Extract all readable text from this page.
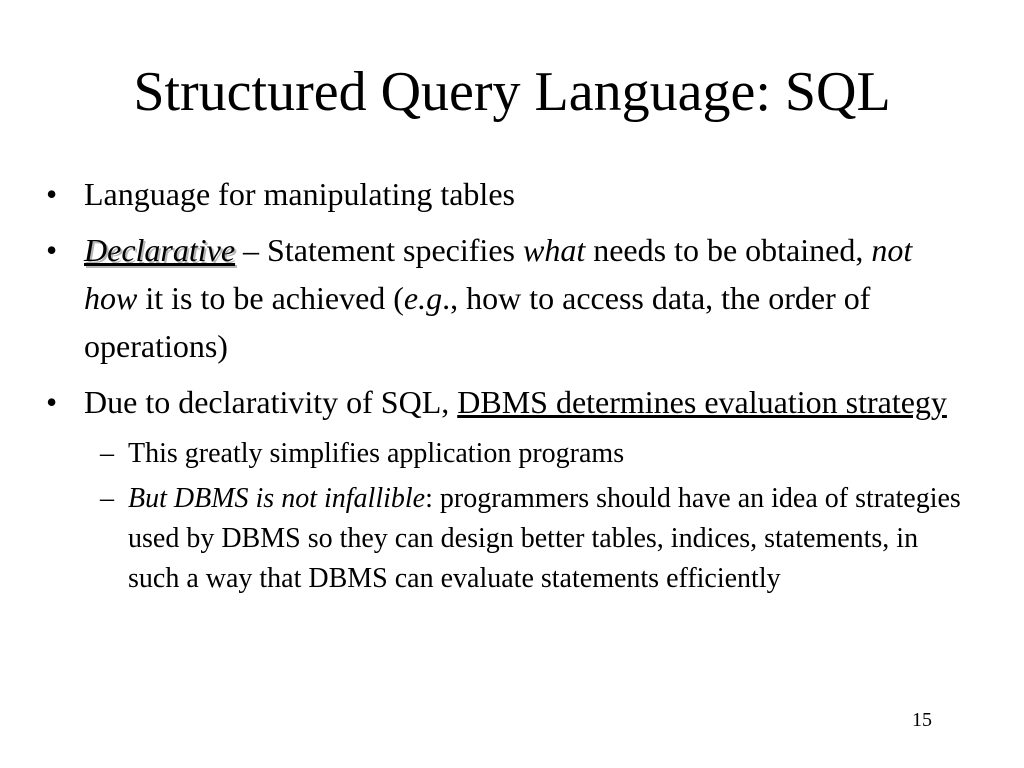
Structured Query Language: SQL
• Language for manipulating tables
• Declarative – Statement specifies what needs to be obtained, not how it is to be achieved (e.g., how to access data, the order of operations)
• Due to declarativity of SQL, DBMS determines evaluation strategy
– This greatly simplifies application programs
– But DBMS is not infallible: programmers should have an idea of strategies used by DBMS so they can design better tables, indices, statements, in such a way that DBMS can evaluate statements efficiently
15
